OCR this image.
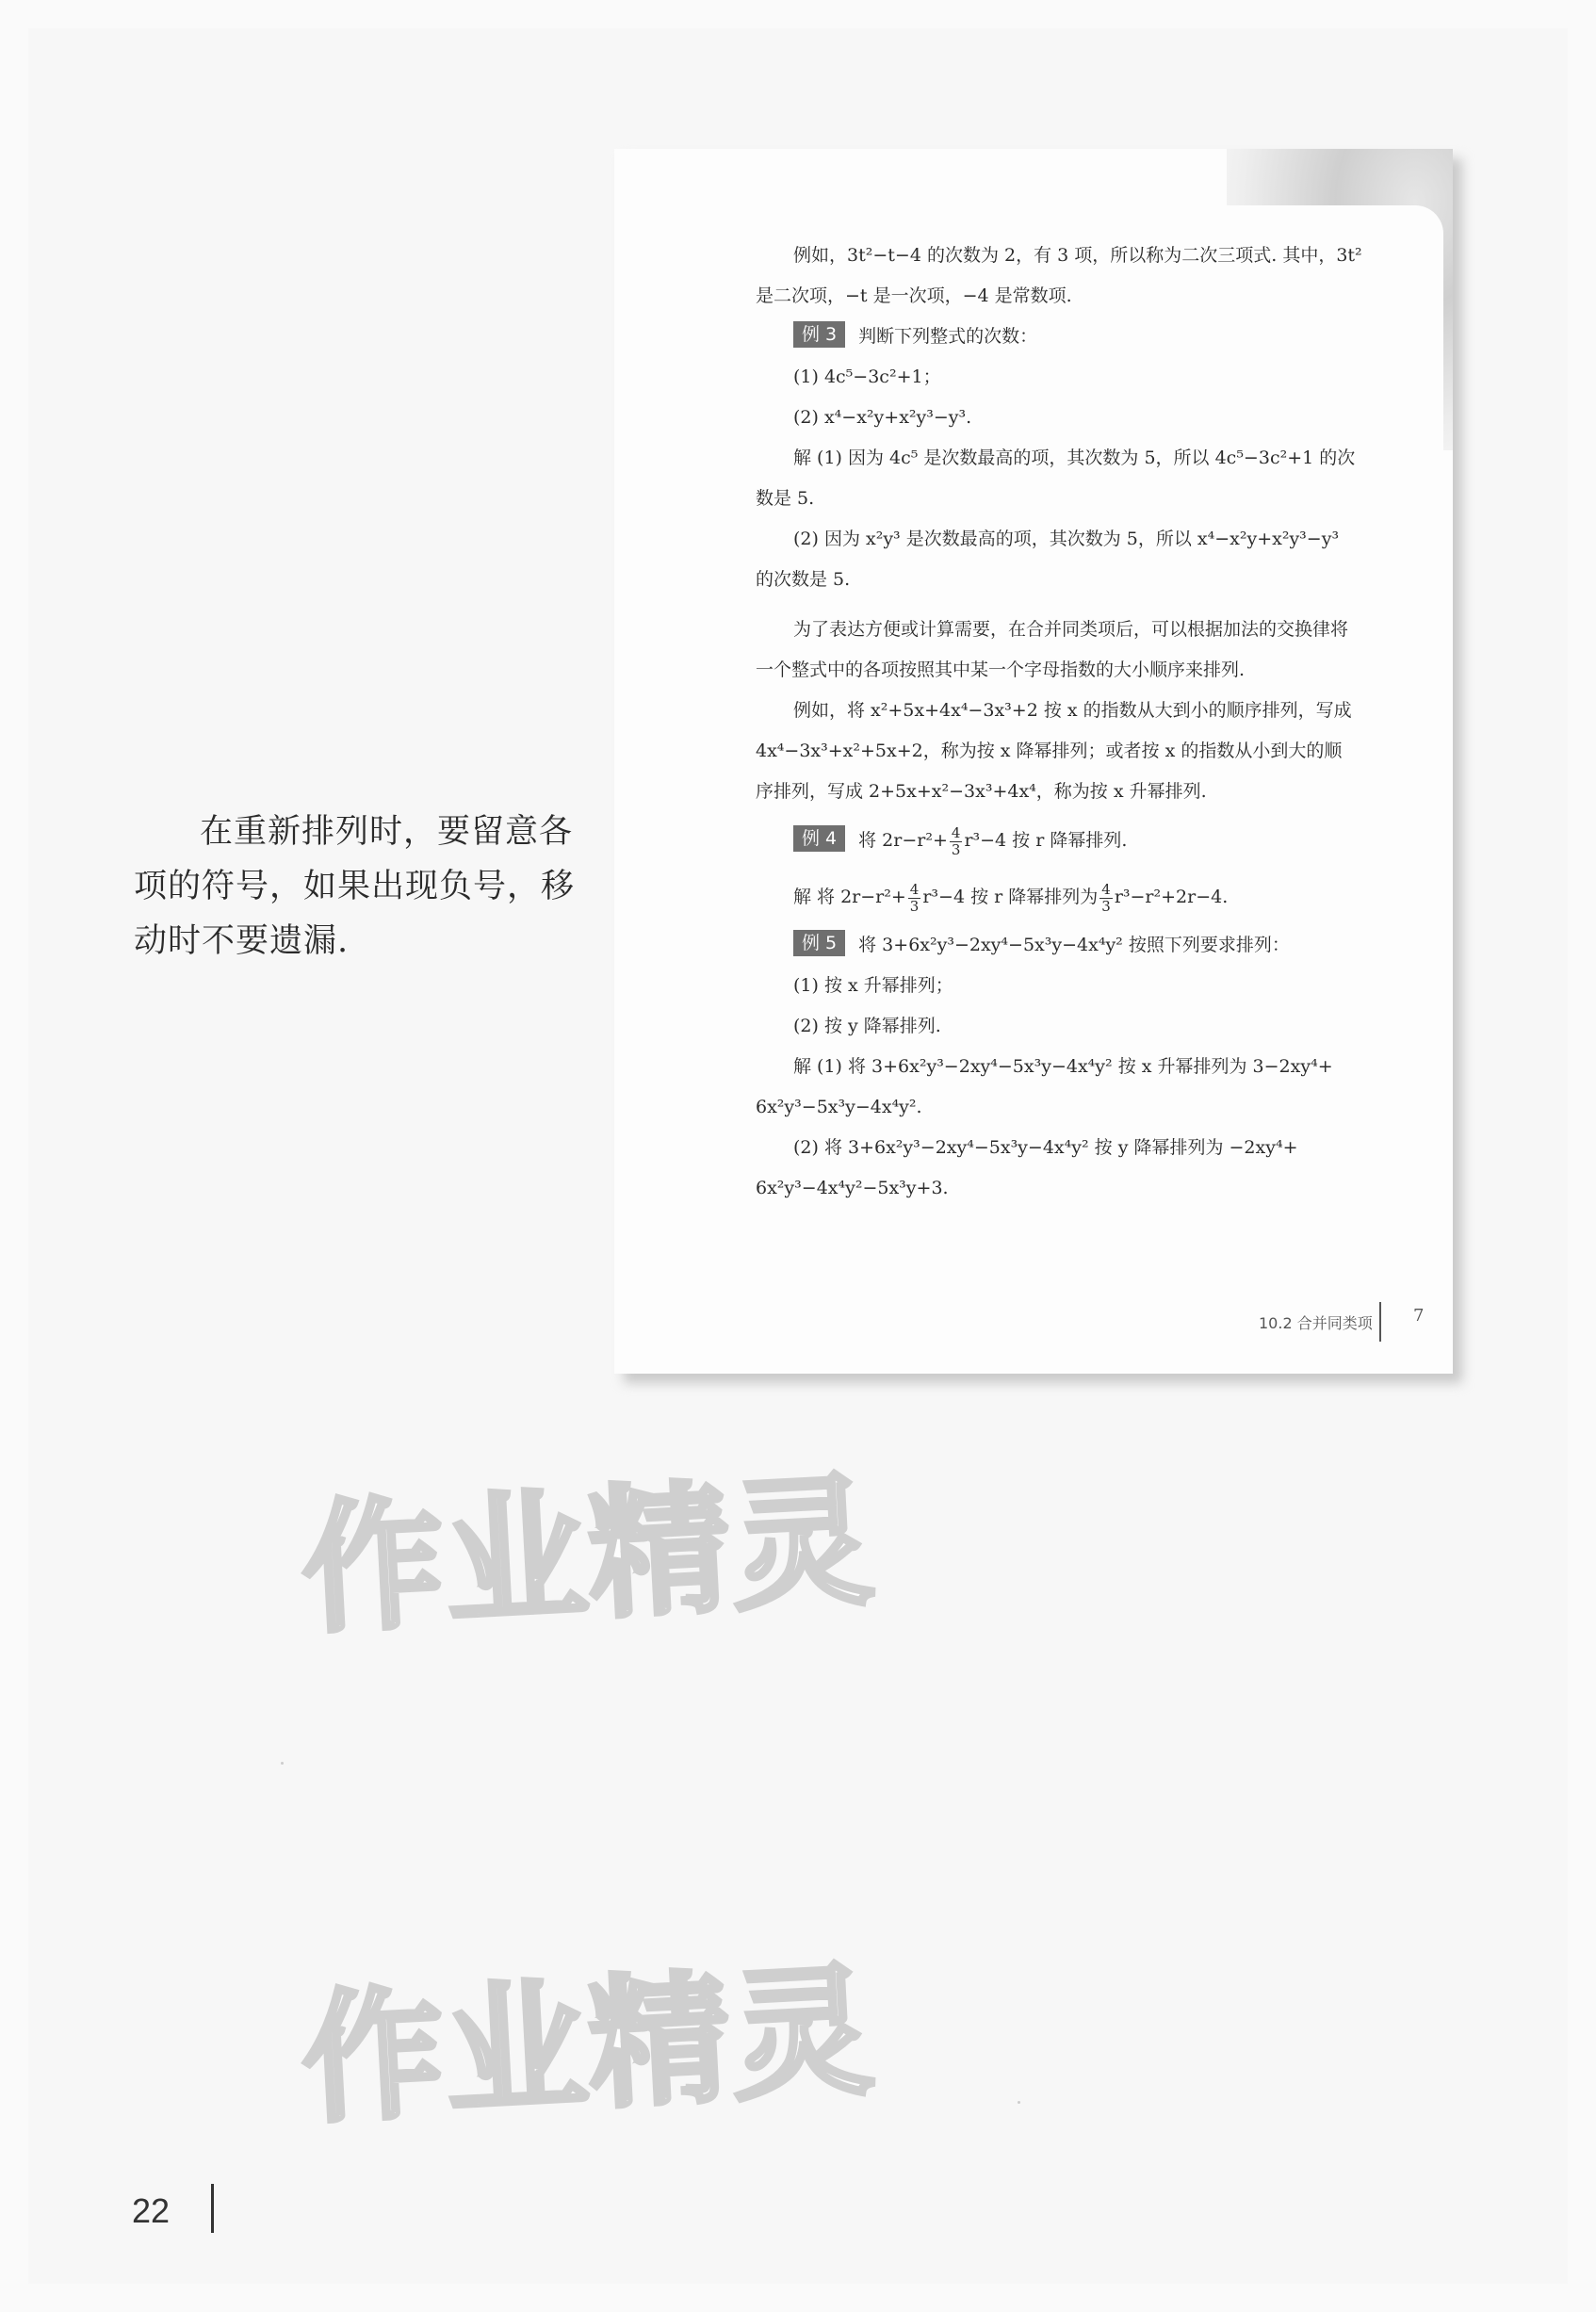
在重新排列时，要留意各
项的符号，如果出现负号，移
动时不要遗漏.
例如，3t²−t−4 的次数为 2，有 3 项，所以称为二次三项式. 其中，3t²
是二次项，−t 是一次项，−4 是常数项.
例 3 判断下列整式的次数：
(1) 4c⁵−3c²+1；
(2) x⁴−x²y+x²y³−y³.
解 (1) 因为 4c⁵ 是次数最高的项，其次数为 5，所以 4c⁵−3c²+1 的次
数是 5.
(2) 因为 x²y³ 是次数最高的项，其次数为 5，所以 x⁴−x²y+x²y³−y³
的次数是 5.
为了表达方便或计算需要，在合并同类项后，可以根据加法的交换律将
一个整式中的各项按照其中某一个字母指数的大小顺序来排列.
例如，将 x²+5x+4x⁴−3x³+2 按 x 的指数从大到小的顺序排列，写成
4x⁴−3x³+x²+5x+2，称为按 x 降幂排列；或者按 x 的指数从小到大的顺
序排列，写成 2+5x+x²−3x³+4x⁴，称为按 x 升幂排列.
例 4 将 $2r-r^2+ \frac{4}{3} r^3-4$ 按 r 降幂排列.
解 将 $2r-r^2+ \frac{4}{3} r^3-4$ 按 r 降幂排列为 $\frac{4}{3} r^3-r^2+2r-4$.
例 5 将 3+6x²y³−2xy⁴−5x³y−4x⁴y² 按照下列要求排列：
(1) 按 x 升幂排列；
(2) 按 y 降幂排列.
解 (1) 将 3+6x²y³−2xy⁴−5x³y−4x⁴y² 按 x 升幂排列为 3−2xy⁴+
6x²y³−5x³y−4x⁴y².
(2) 将 3+6x²y³−2xy⁴−5x³y−4x⁴y² 按 y 降幂排列为 −2xy⁴+
6x²y³−4x⁴y²−5x³y+3.
10.2 合并同类项 7
作业精灵
作业精灵
22
